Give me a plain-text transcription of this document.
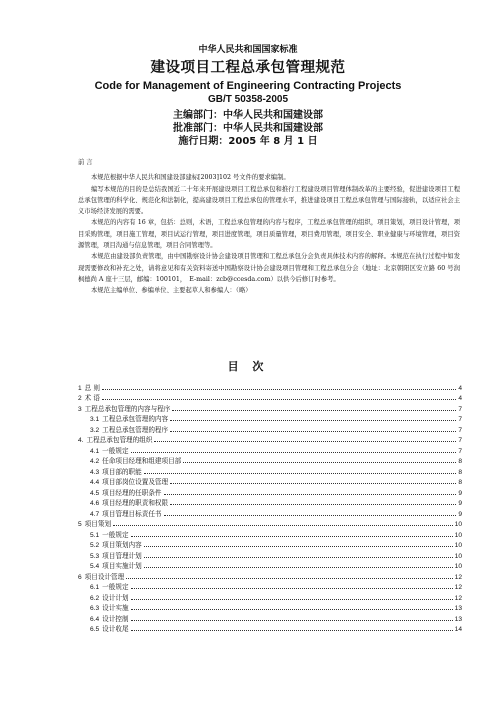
中华人民共和国国家标准
建设项目工程总承包管理规范
Code for Management of Engineering Contracting Projects
GB/T 50358-2005
主编部门：中华人民共和国建设部
批准部门：中华人民共和国建设部
施行日期：2005 年 8 月 1 日
前 言

本规范根据中华人民共和国建设部建标[2003]102 号文件的要求编制。

编写本规范的目的是总结我国近二十年来开展建设项目工程总承包和推行工程建设项目管理体制改革的主要经验，促进建设项目工程总承包管理的科学化、规范化和法制化，提高建设项目工程总承包的管理水平，推进建设项目工程总承包管理与国际接轨，以适应社会主义市场经济发展的需要。

本规范的内容有 16 章，包括：总则，术语，工程总承包管理的内容与程序，工程总承包管理的组织，项目策划，项目设计管理，项目采购管理，项目施工管理，项目试运行管理，项目进度管理，项目质量管理，项目费用管理，项目安全、职业健康与环境管理，项目资源管理，项目沟通与信息管理，项目合同管理等。

本规范由建设部负责管理，由中国勘察设计协会建设项目管理和工程总承包分会负责具体技术内容的解释。本规范在执行过程中如发现需要修改和补充之处，请将意见和有关资料寄送中国勘察设计协会建设项目管理和工程总承包分会（地址：北京朝阳区安立路 60 号润枫德尚 A 座十三层，邮编：100101，　E-mail：zcb@ccesda.com）以供今后修订时参考。

本规范主编单位、参编单位、主要起草人和参编人：（略）

目 次
1 总 则	4
2 术 语	4
3 工程总承包管理的内容与程序	7
3.1 工程总承包管理的内容	7
3.2 工程总承包管理的程序	7
4. 工程总承包管理的组织	7
4.1 一般规定	7
4.2 任命项目经理和组建项目部	8
4.3 项目部的职能	8
4.4 项目部岗位设置及管理	8
4.5 项目经理的任职条件	9
4.6 项目经理的职责和权限	9
4.7 项目管理目标责任书	9
5 项目策划	10
5.1 一般规定	10
5.2 项目策划内容	10
5.3 项目管理计划	10
5.4 项目实施计划	10
6 项目设计管理	12
6.1 一般规定	12
6.2 设计计划	12
6.3 设计实施	13
6.4 设计控制	13
6.5 设计收尾	14
